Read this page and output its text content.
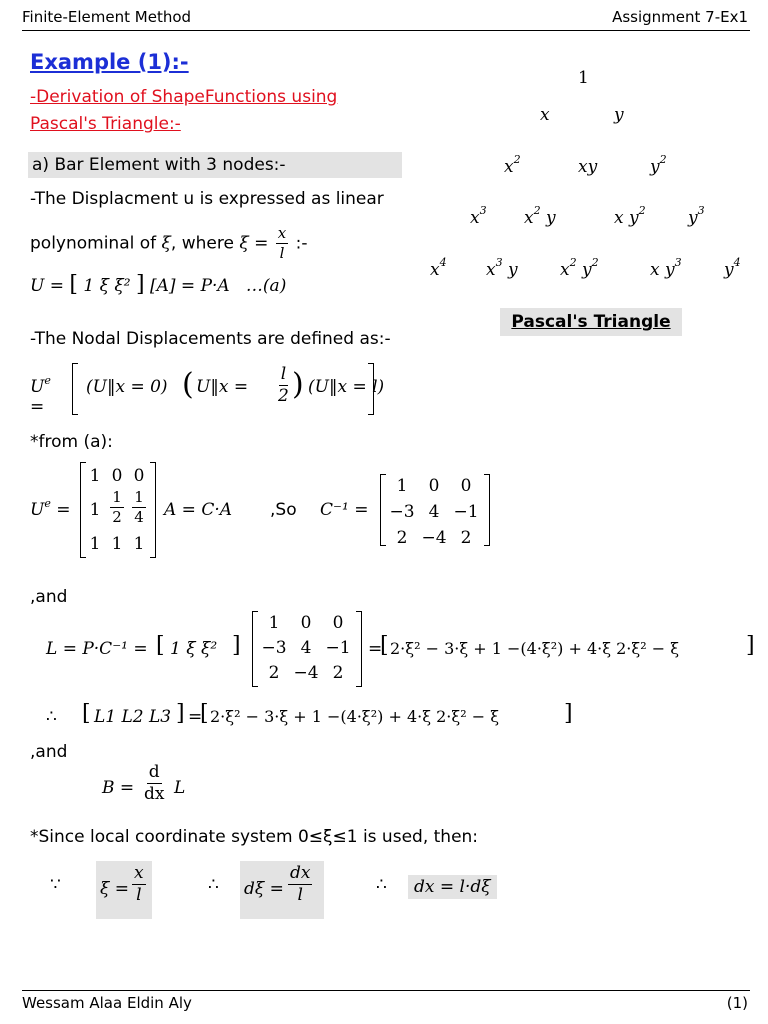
Finite-Element Method	Assignment 7-Ex1
Example (1):-
-Derivation of ShapeFunctions using
Pascal's Triangle:-
a) Bar Element with 3 nodes:-
-The Displacment u is expressed as linear
polynominal of ξ, where $\xi = \frac{x}{l}$ :-
U = [ 1 ξ ξ² ] [A] = P·A …(a)
-The Nodal Displacements are defined as:-
$U^e$ =
(U‖x = 0) ( U‖x = $\frac{l}{2}$ ) (U‖x = l)
*from (a):
$U^e$ =
1 0 0
$1 \frac{1}{2} \frac{1}{4}$
1 1 1
A = C·A ,So C⁻¹ =
1	0	0
−3 4 −1
2 −4 2
,and
L = P·C⁻¹ = [ 1 ξ ξ² ]
1	0	0
−3 4 −1
2 −4 2
=
[ 2·ξ² − 3·ξ + 1 −(4·ξ²) + 4·ξ 2·ξ² − ξ	]
∴ [ L1 L2 L3 ] =
[ 2·ξ² − 3·ξ + 1 −(4·ξ²) + 4·ξ 2·ξ² − ξ	]
,and
$B = \frac{d}{dx}$ L
*Since local coordinate system 0≤ξ≤1 is used, then:
∵ $\xi = \frac{x}{l}$	∴ $d\xi = \frac{dx}{l}$	∴	dx = l·dξ
1
x	y
$x^2$	xy	$y^2$
$x^3$ $x^2$ y	x $y^2$ $y^3$
$x^4$ $x^3$ y $x^2$ $y^2$	x $y^3$ $y^4$
Pascal's Triangle
Wessam Alaa Eldin Aly	(1)
